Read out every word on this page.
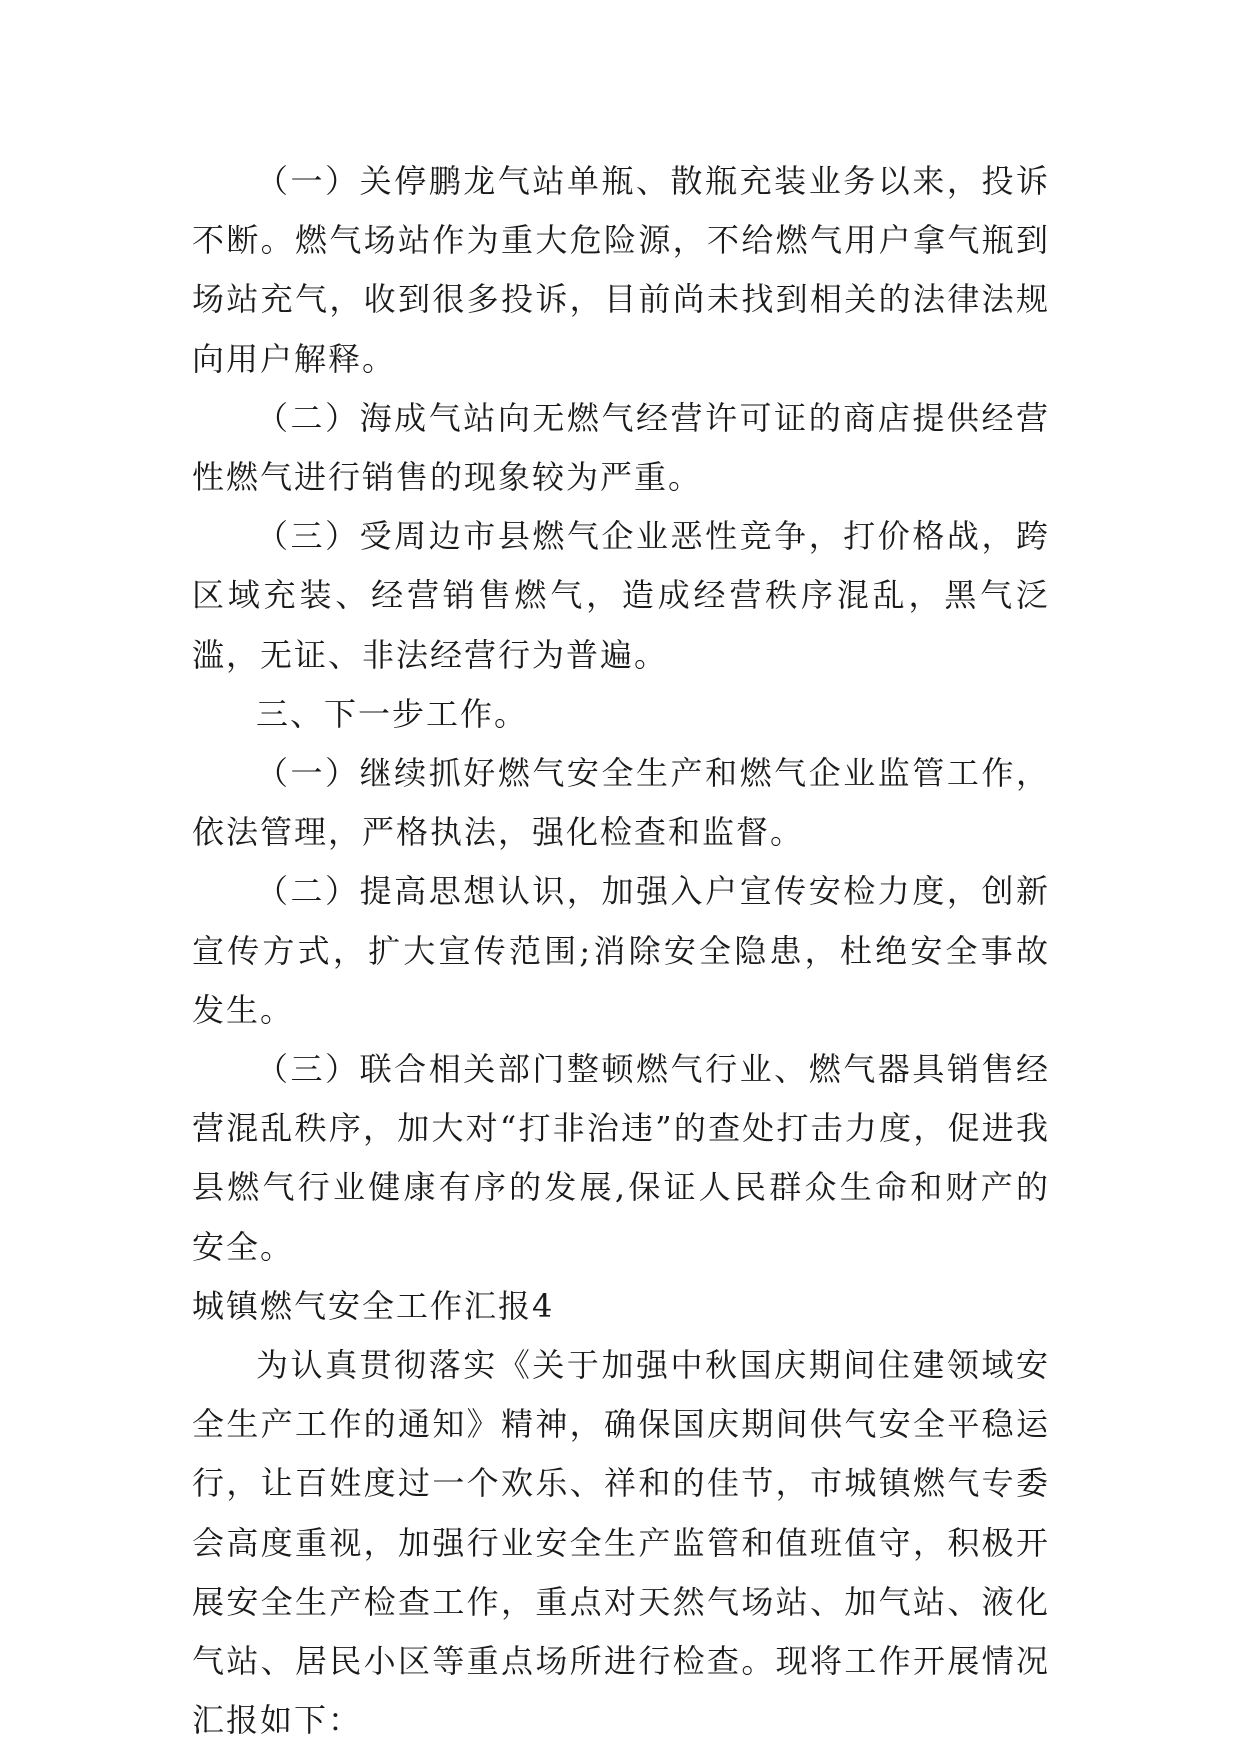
（一）关停鹏龙气站单瓶、散瓶充装业务以来，投诉不断。燃气场站作为重大危险源，不给燃气用户拿气瓶到场站充气，收到很多投诉，目前尚未找到相关的法律法规向用户解释。

（二）海成气站向无燃气经营许可证的商店提供经营性燃气进行销售的现象较为严重。

（三）受周边市县燃气企业恶性竞争，打价格战，跨区域充装、经营销售燃气，造成经营秩序混乱，黑气泛滥，无证、非法经营行为普遍。

三、下一步工作。

（一）继续抓好燃气安全生产和燃气企业监管工作，依法管理，严格执法，强化检查和监督。

（二）提高思想认识，加强入户宣传安检力度，创新宣传方式，扩大宣传范围;消除安全隐患，杜绝安全事故发生。

（三）联合相关部门整顿燃气行业、燃气器具销售经营混乱秩序，加大对“打非治违”的查处打击力度，促进我县燃气行业健康有序的发展,保证人民群众生命和财产的安全。

城镇燃气安全工作汇报4

为认真贯彻落实《关于加强中秋国庆期间住建领域安全生产工作的通知》精神，确保国庆期间供气安全平稳运行，让百姓度过一个欢乐、祥和的佳节，市城镇燃气专委会高度重视，加强行业安全生产监管和值班值守，积极开展安全生产检查工作，重点对天然气场站、加气站、液化气站、居民小区等重点场所进行检查。现将工作开展情况汇报如下：
